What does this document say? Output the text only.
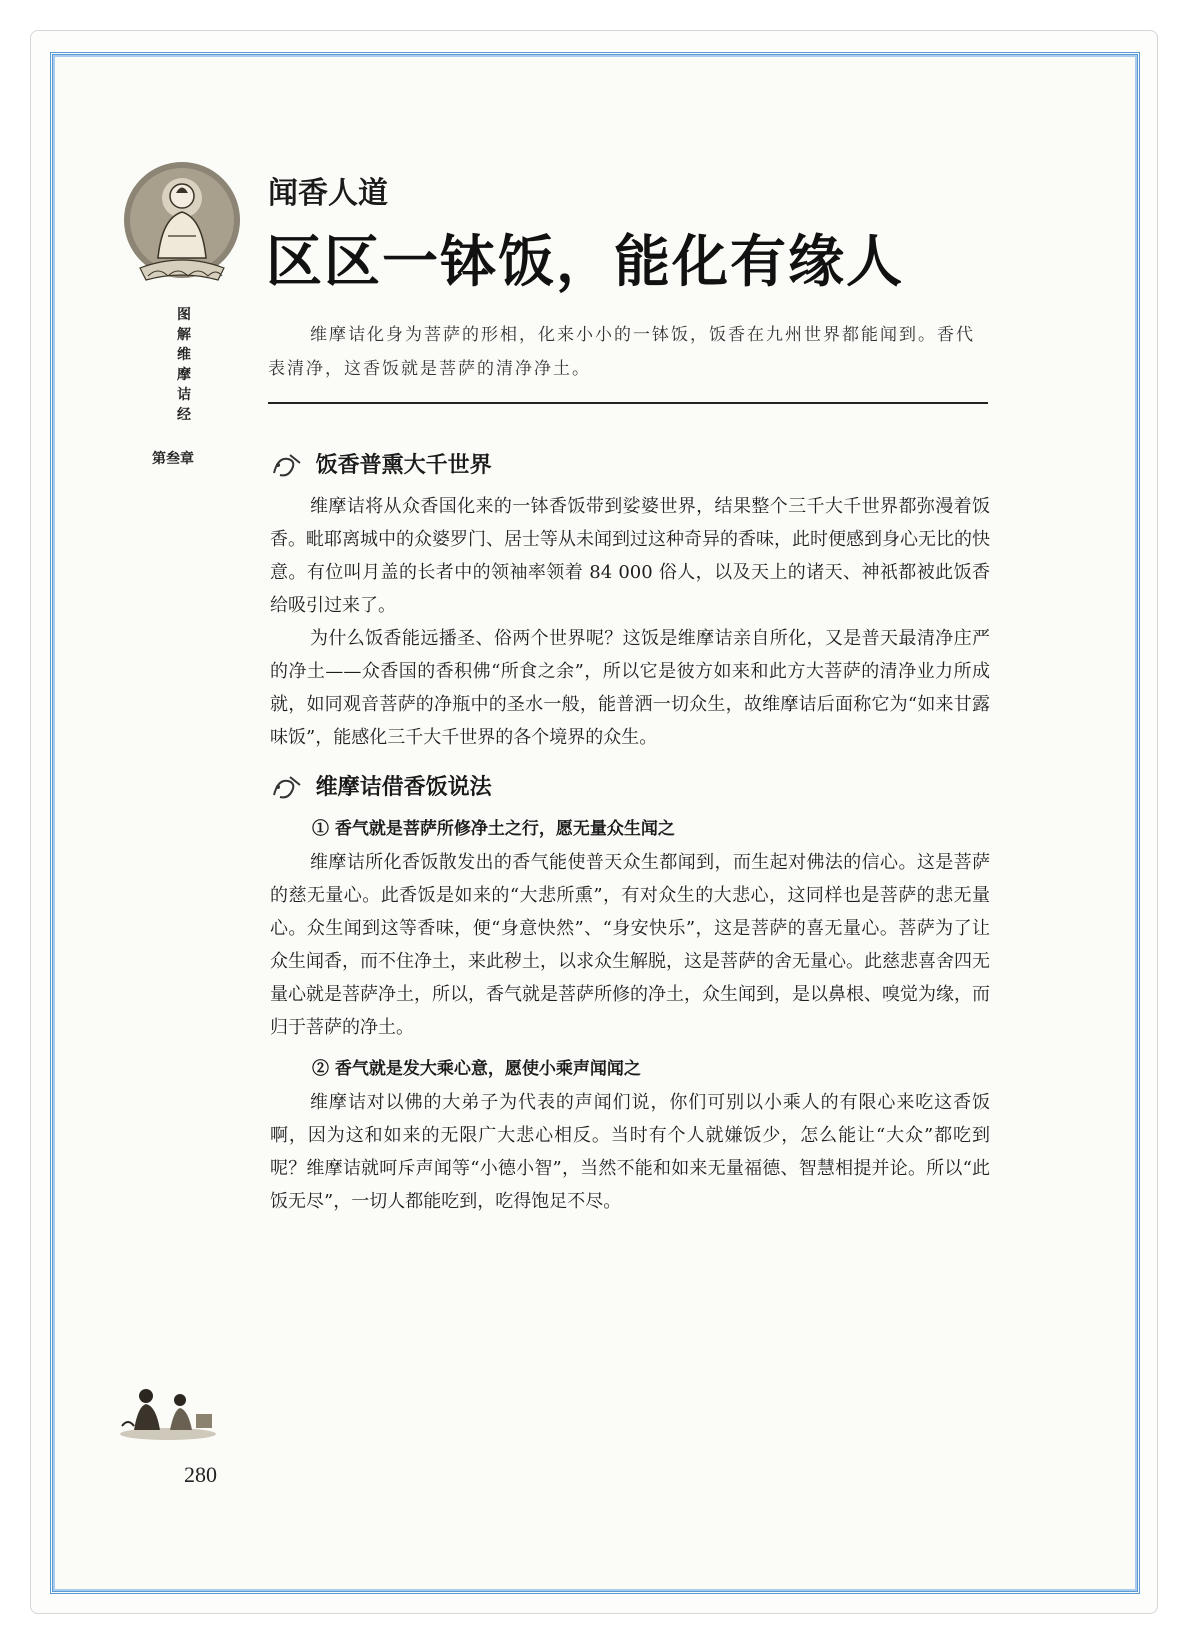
图
解
维
摩
诘
经
第叁章
闻香人道
区区一钵饭，能化有缘人
维摩诘化身为菩萨的形相，化来小小的一钵饭，饭香在九州世界都能闻到。香代表清净，这香饭就是菩萨的清净净土。
饭香普熏大千世界
维摩诘将从众香国化来的一钵香饭带到娑婆世界，结果整个三千大千世界都弥漫着饭香。毗耶离城中的众婆罗门、居士等从未闻到过这种奇异的香味，此时便感到身心无比的快意。有位叫月盖的长者中的领袖率领着 84 000 俗人，以及天上的诸天、神祇都被此饭香给吸引过来了。
为什么饭香能远播圣、俗两个世界呢？这饭是维摩诘亲自所化，又是普天最清净庄严的净土——众香国的香积佛“所食之余”，所以它是彼方如来和此方大菩萨的清净业力所成就，如同观音菩萨的净瓶中的圣水一般，能普洒一切众生，故维摩诘后面称它为“如来甘露味饭”，能感化三千大千世界的各个境界的众生。
维摩诘借香饭说法
① 香气就是菩萨所修净土之行，愿无量众生闻之
维摩诘所化香饭散发出的香气能使普天众生都闻到，而生起对佛法的信心。这是菩萨的慈无量心。此香饭是如来的“大悲所熏”，有对众生的大悲心，这同样也是菩萨的悲无量心。众生闻到这等香味，便“身意快然”、“身安快乐”，这是菩萨的喜无量心。菩萨为了让众生闻香，而不住净土，来此秽土，以求众生解脱，这是菩萨的舍无量心。此慈悲喜舍四无量心就是菩萨净土，所以，香气就是菩萨所修的净土，众生闻到，是以鼻根、嗅觉为缘，而归于菩萨的净土。
② 香气就是发大乘心意，愿使小乘声闻闻之
维摩诘对以佛的大弟子为代表的声闻们说，你们可别以小乘人的有限心来吃这香饭啊，因为这和如来的无限广大悲心相反。当时有个人就嫌饭少，怎么能让“大众”都吃到呢？维摩诘就呵斥声闻等“小德小智”，当然不能和如来无量福德、智慧相提并论。所以“此饭无尽”，一切人都能吃到，吃得饱足不尽。
280
